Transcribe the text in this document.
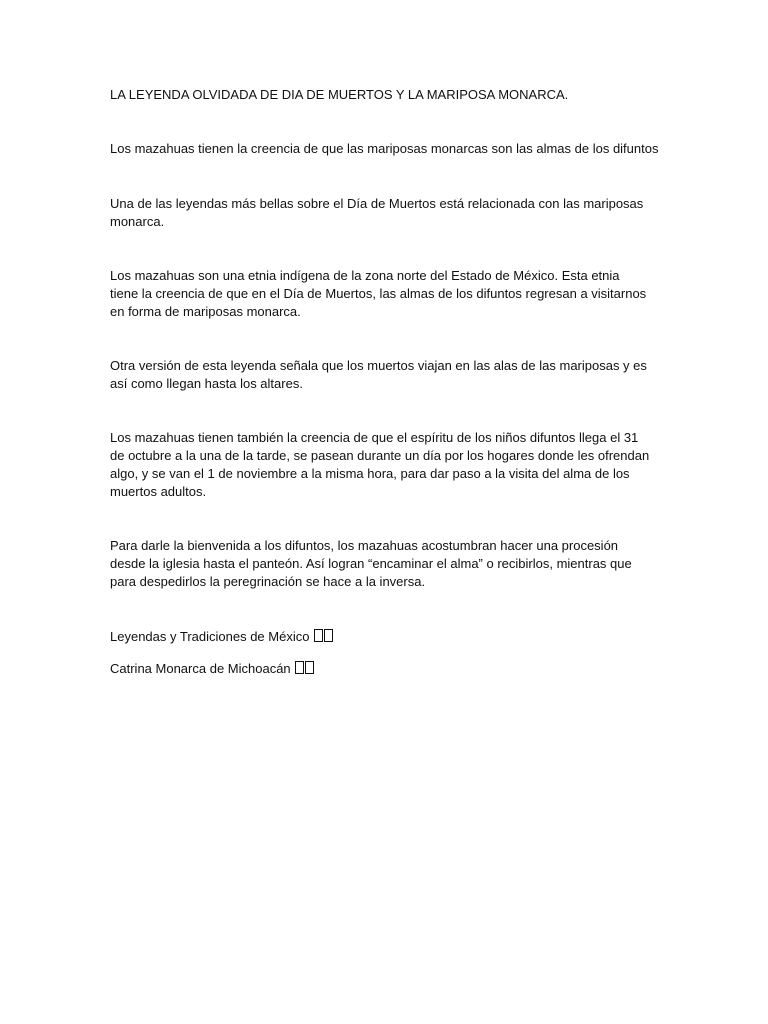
LA LEYENDA OLVIDADA DE DIA DE MUERTOS Y LA MARIPOSA MONARCA.
Los mazahuas tienen la creencia de que las mariposas monarcas son las almas de los difuntos
Una de las leyendas más bellas sobre el Día de Muertos está relacionada con las mariposas monarca.
Los mazahuas son una etnia indígena de la zona norte del Estado de México. Esta etnia tiene la creencia de que en el Día de Muertos, las almas de los difuntos regresan a visitarnos en forma de mariposas monarca.
Otra versión de esta leyenda señala que los muertos viajan en las alas de las mariposas y es así como llegan hasta los altares.
Los mazahuas tienen también la creencia de que el espíritu de los niños difuntos llega el 31 de octubre a la una de la tarde, se pasean durante un día por los hogares donde les ofrendan algo, y se van el 1 de noviembre a la misma hora, para dar paso a la visita del alma de los muertos adultos.
Para darle la bienvenida a los difuntos, los mazahuas acostumbran hacer una procesión desde la iglesia hasta el panteón. Así logran “encaminar el alma” o recibirlos, mientras que para despedirlos la peregrinación se hace a la inversa.
Leyendas y Tradiciones de México
Catrina Monarca de Michoacán
